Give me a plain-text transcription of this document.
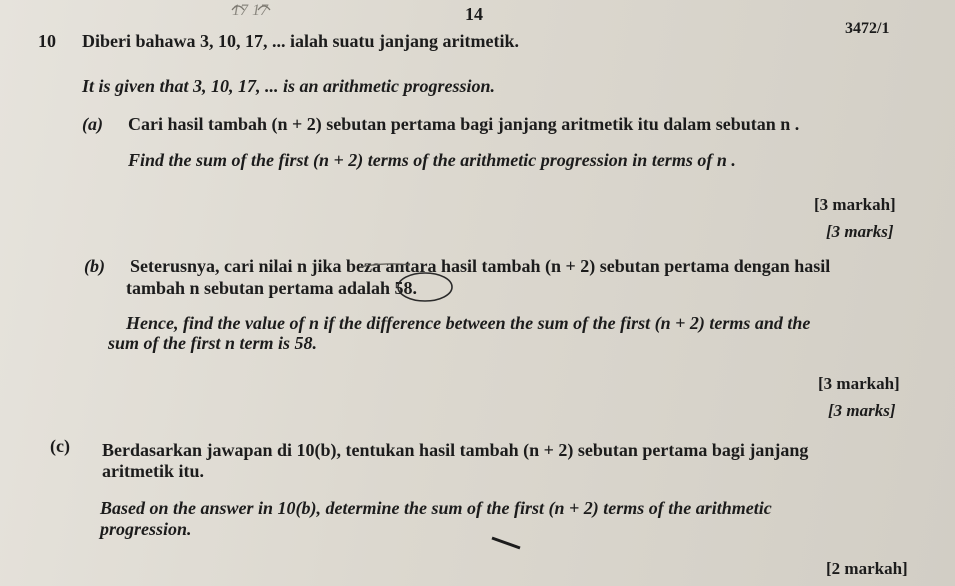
17 17	14
3472/1
10 Diberi bahawa 3, 10, 17, ... ialah suatu janjang aritmetik.
It is given that 3, 10, 17, ... is an arithmetic progression.
(a) Cari hasil tambah (n + 2) sebutan pertama bagi janjang aritmetik itu dalam sebutan n .
Find the sum of the first (n + 2) terms of the arithmetic progression in terms of n .
[3 markah]
[3 marks]
(b) Seterusnya, cari nilai n jika beza antara hasil tambah (n + 2) sebutan pertama dengan hasil
tambah n sebutan pertama adalah 58.
Hence, find the value of n if the difference between the sum of the first (n + 2) terms and the
sum of the first n term is 58.
[3 markah]
[3 marks]
(c) Berdasarkan jawapan di 10(b), tentukan hasil tambah (n + 2) sebutan pertama bagi janjang
aritmetik itu.
Based on the answer in 10(b), determine the sum of the first (n + 2) terms of the arithmetic
progression.
[2 markah]
